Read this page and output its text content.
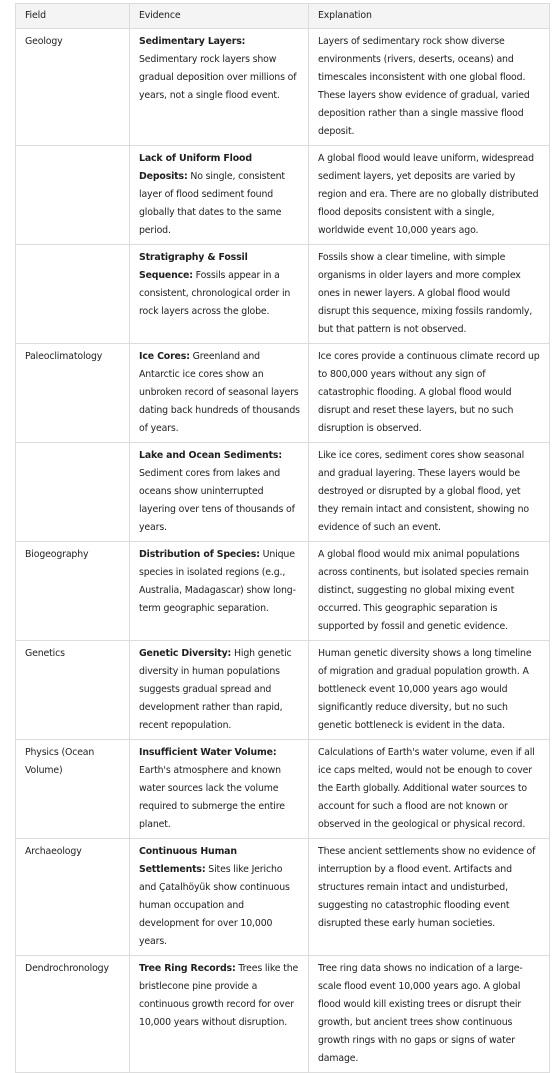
Field	Evidence	Explanation
Geology	Sedimentary Layers: Sedimentary rock layers show gradual deposition over millions of years, not a single flood event.	Layers of sedimentary rock show diverse environments (rivers, deserts, oceans) and timescales inconsistent with one global flood. These layers show evidence of gradual, varied deposition rather than a single massive flood deposit.
	Lack of Uniform Flood Deposits: No single, consistent layer of flood sediment found globally that dates to the same period.	A global flood would leave uniform, widespread sediment layers, yet deposits are varied by region and era. There are no globally distributed flood deposits consistent with a single, worldwide event 10,000 years ago.
	Stratigraphy & Fossil Sequence: Fossils appear in a consistent, chronological order in rock layers across the globe.	Fossils show a clear timeline, with simple organisms in older layers and more complex ones in newer layers. A global flood would disrupt this sequence, mixing fossils randomly, but that pattern is not observed.
Paleoclimatology	Ice Cores: Greenland and Antarctic ice cores show an unbroken record of seasonal layers dating back hundreds of thousands of years.	Ice cores provide a continuous climate record up to 800,000 years without any sign of catastrophic flooding. A global flood would disrupt and reset these layers, but no such disruption is observed.
	Lake and Ocean Sediments: Sediment cores from lakes and oceans show uninterrupted layering over tens of thousands of years.	Like ice cores, sediment cores show seasonal and gradual layering. These layers would be destroyed or disrupted by a global flood, yet they remain intact and consistent, showing no evidence of such an event.
Biogeography	Distribution of Species: Unique species in isolated regions (e.g., Australia, Madagascar) show long-term geographic separation.	A global flood would mix animal populations across continents, but isolated species remain distinct, suggesting no global mixing event occurred. This geographic separation is supported by fossil and genetic evidence.
Genetics	Genetic Diversity: High genetic diversity in human populations suggests gradual spread and development rather than rapid, recent repopulation.	Human genetic diversity shows a long timeline of migration and gradual population growth. A bottleneck event 10,000 years ago would significantly reduce diversity, but no such genetic bottleneck is evident in the data.
Physics (Ocean Volume)	Insufficient Water Volume: Earth's atmosphere and known water sources lack the volume required to submerge the entire planet.	Calculations of Earth's water volume, even if all ice caps melted, would not be enough to cover the Earth globally. Additional water sources to account for such a flood are not known or observed in the geological or physical record.
Archaeology	Continuous Human Settlements: Sites like Jericho and Çatalhöyük show continuous human occupation and development for over 10,000 years.	These ancient settlements show no evidence of interruption by a flood event. Artifacts and structures remain intact and undisturbed, suggesting no catastrophic flooding event disrupted these early human societies.
Dendrochronology	Tree Ring Records: Trees like the bristlecone pine provide a continuous growth record for over 10,000 years without disruption.	Tree ring data shows no indication of a large-scale flood event 10,000 years ago. A global flood would kill existing trees or disrupt their growth, but ancient trees show continuous growth rings with no gaps or signs of water damage.
